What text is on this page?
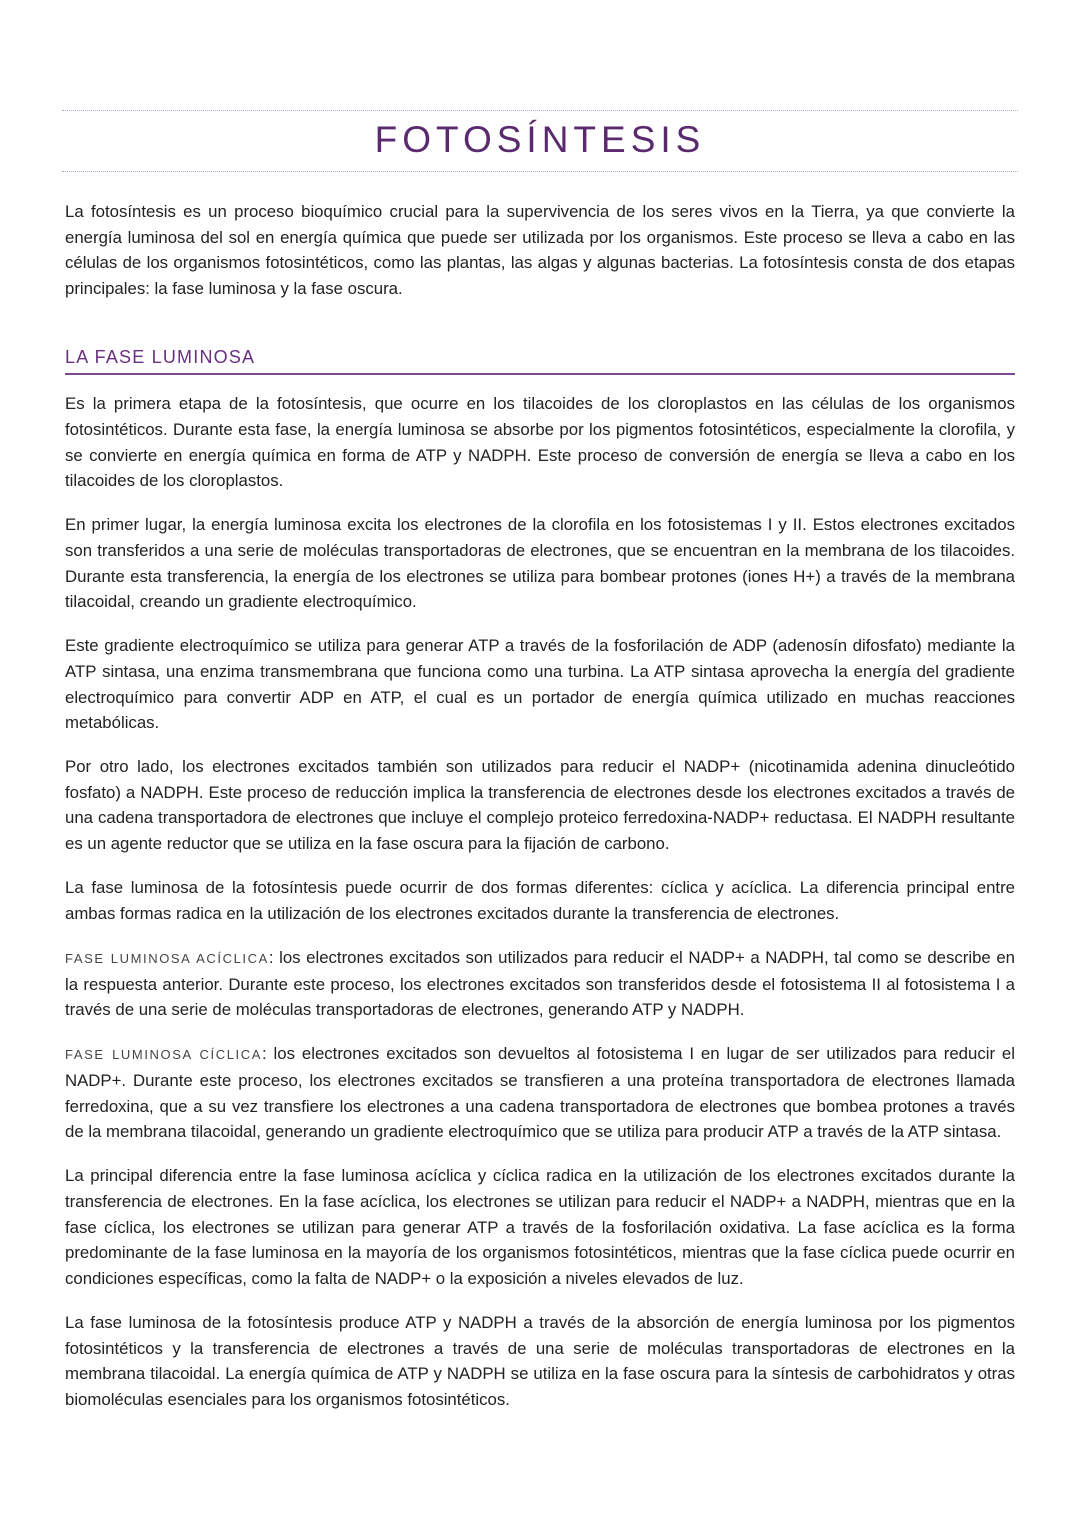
FOTOSÍNTESIS

La fotosíntesis es un proceso bioquímico crucial para la supervivencia de los seres vivos en la Tierra, ya que convierte la energía luminosa del sol en energía química que puede ser utilizada por los organismos. Este proceso se lleva a cabo en las células de los organismos fotosintéticos, como las plantas, las algas y algunas bacterias. La fotosíntesis consta de dos etapas principales: la fase luminosa y la fase oscura.

LA FASE LUMINOSA

Es la primera etapa de la fotosíntesis, que ocurre en los tilacoides de los cloroplastos en las células de los organismos fotosintéticos. Durante esta fase, la energía luminosa se absorbe por los pigmentos fotosintéticos, especialmente la clorofila, y se convierte en energía química en forma de ATP y NADPH. Este proceso de conversión de energía se lleva a cabo en los tilacoides de los cloroplastos.

En primer lugar, la energía luminosa excita los electrones de la clorofila en los fotosistemas I y II. Estos electrones excitados son transferidos a una serie de moléculas transportadoras de electrones, que se encuentran en la membrana de los tilacoides. Durante esta transferencia, la energía de los electrones se utiliza para bombear protones (iones H+) a través de la membrana tilacoidal, creando un gradiente electroquímico.

Este gradiente electroquímico se utiliza para generar ATP a través de la fosforilación de ADP (adenosín difosfato) mediante la ATP sintasa, una enzima transmembrana que funciona como una turbina. La ATP sintasa aprovecha la energía del gradiente electroquímico para convertir ADP en ATP, el cual es un portador de energía química utilizado en muchas reacciones metabólicas.

Por otro lado, los electrones excitados también son utilizados para reducir el NADP+ (nicotinamida adenina dinucleótido fosfato) a NADPH. Este proceso de reducción implica la transferencia de electrones desde los electrones excitados a través de una cadena transportadora de electrones que incluye el complejo proteico ferredoxina-NADP+ reductasa. El NADPH resultante es un agente reductor que se utiliza en la fase oscura para la fijación de carbono.

La fase luminosa de la fotosíntesis puede ocurrir de dos formas diferentes: cíclica y acíclica. La diferencia principal entre ambas formas radica en la utilización de los electrones excitados durante la transferencia de electrones.

FASE LUMINOSA ACÍCLICA: los electrones excitados son utilizados para reducir el NADP+ a NADPH, tal como se describe en la respuesta anterior. Durante este proceso, los electrones excitados son transferidos desde el fotosistema II al fotosistema I a través de una serie de moléculas transportadoras de electrones, generando ATP y NADPH.

FASE LUMINOSA CÍCLICA: los electrones excitados son devueltos al fotosistema I en lugar de ser utilizados para reducir el NADP+. Durante este proceso, los electrones excitados se transfieren a una proteína transportadora de electrones llamada ferredoxina, que a su vez transfiere los electrones a una cadena transportadora de electrones que bombea protones a través de la membrana tilacoidal, generando un gradiente electroquímico que se utiliza para producir ATP a través de la ATP sintasa.

La principal diferencia entre la fase luminosa acíclica y cíclica radica en la utilización de los electrones excitados durante la transferencia de electrones. En la fase acíclica, los electrones se utilizan para reducir el NADP+ a NADPH, mientras que en la fase cíclica, los electrones se utilizan para generar ATP a través de la fosforilación oxidativa. La fase acíclica es la forma predominante de la fase luminosa en la mayoría de los organismos fotosintéticos, mientras que la fase cíclica puede ocurrir en condiciones específicas, como la falta de NADP+ o la exposición a niveles elevados de luz.

La fase luminosa de la fotosíntesis produce ATP y NADPH a través de la absorción de energía luminosa por los pigmentos fotosintéticos y la transferencia de electrones a través de una serie de moléculas transportadoras de electrones en la membrana tilacoidal. La energía química de ATP y NADPH se utiliza en la fase oscura para la síntesis de carbohidratos y otras biomoléculas esenciales para los organismos fotosintéticos.
